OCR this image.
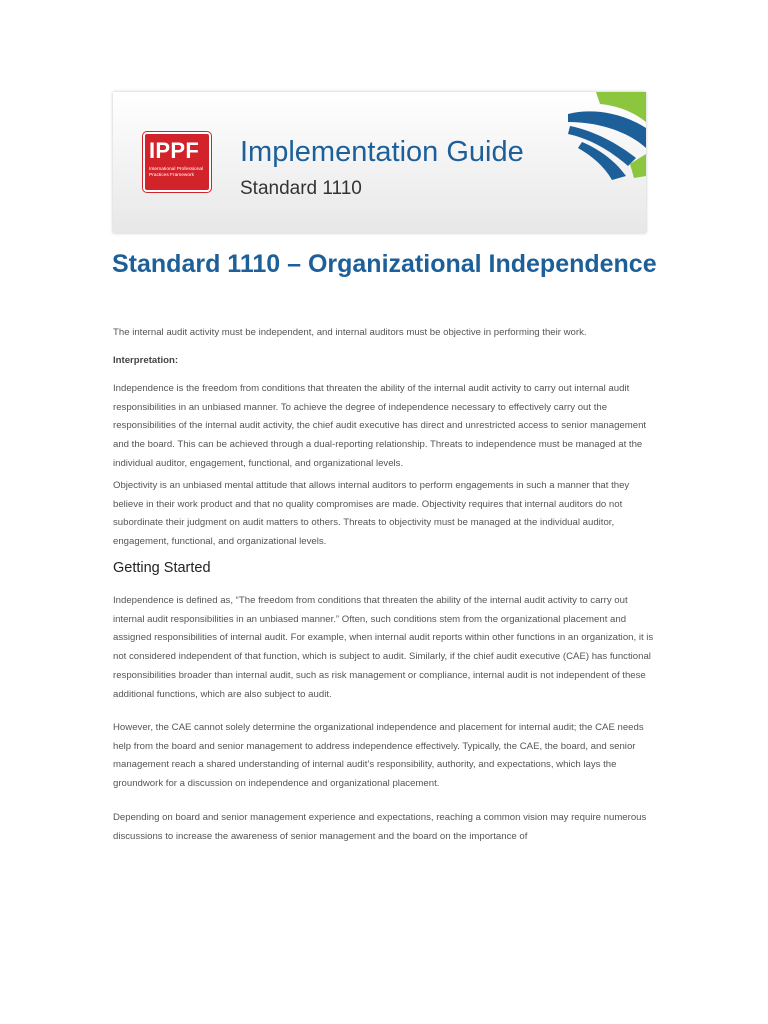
IPPF
International Professional Practices Framework
Implementation Guide
Standard 1110
Standard 1110 – Organizational Independence

The internal audit activity must be independent, and internal auditors must be objective in performing their work.

Interpretation:

Independence is the freedom from conditions that threaten the ability of the internal audit activity to carry out internal audit responsibilities in an unbiased manner. To achieve the degree of independence necessary to effectively carry out the responsibilities of the internal audit activity, the chief audit executive has direct and unrestricted access to senior management and the board. This can be achieved through a dual-reporting relationship. Threats to independence must be managed at the individual auditor, engagement, functional, and organizational levels.

Objectivity is an unbiased mental attitude that allows internal auditors to perform engagements in such a manner that they believe in their work product and that no quality compromises are made. Objectivity requires that internal auditors do not subordinate their judgment on audit matters to others. Threats to objectivity must be managed at the individual auditor, engagement, functional, and organizational levels.

Getting Started

Independence is defined as, “The freedom from conditions that threaten the ability of the internal audit activity to carry out internal audit responsibilities in an unbiased manner.” Often, such conditions stem from the organizational placement and assigned responsibilities of internal audit. For example, when internal audit reports within other functions in an organization, it is not considered independent of that function, which is subject to audit. Similarly, if the chief audit executive (CAE) has functional responsibilities broader than internal audit, such as risk management or compliance, internal audit is not independent of these additional functions, which are also subject to audit.

However, the CAE cannot solely determine the organizational independence and placement for internal audit; the CAE needs help from the board and senior management to address independence effectively. Typically, the CAE, the board, and senior management reach a shared understanding of internal audit’s responsibility, authority, and expectations, which lays the groundwork for a discussion on independence and organizational placement.

Depending on board and senior management experience and expectations, reaching a common vision may require numerous discussions to increase the awareness of senior management and the board on the importance of
